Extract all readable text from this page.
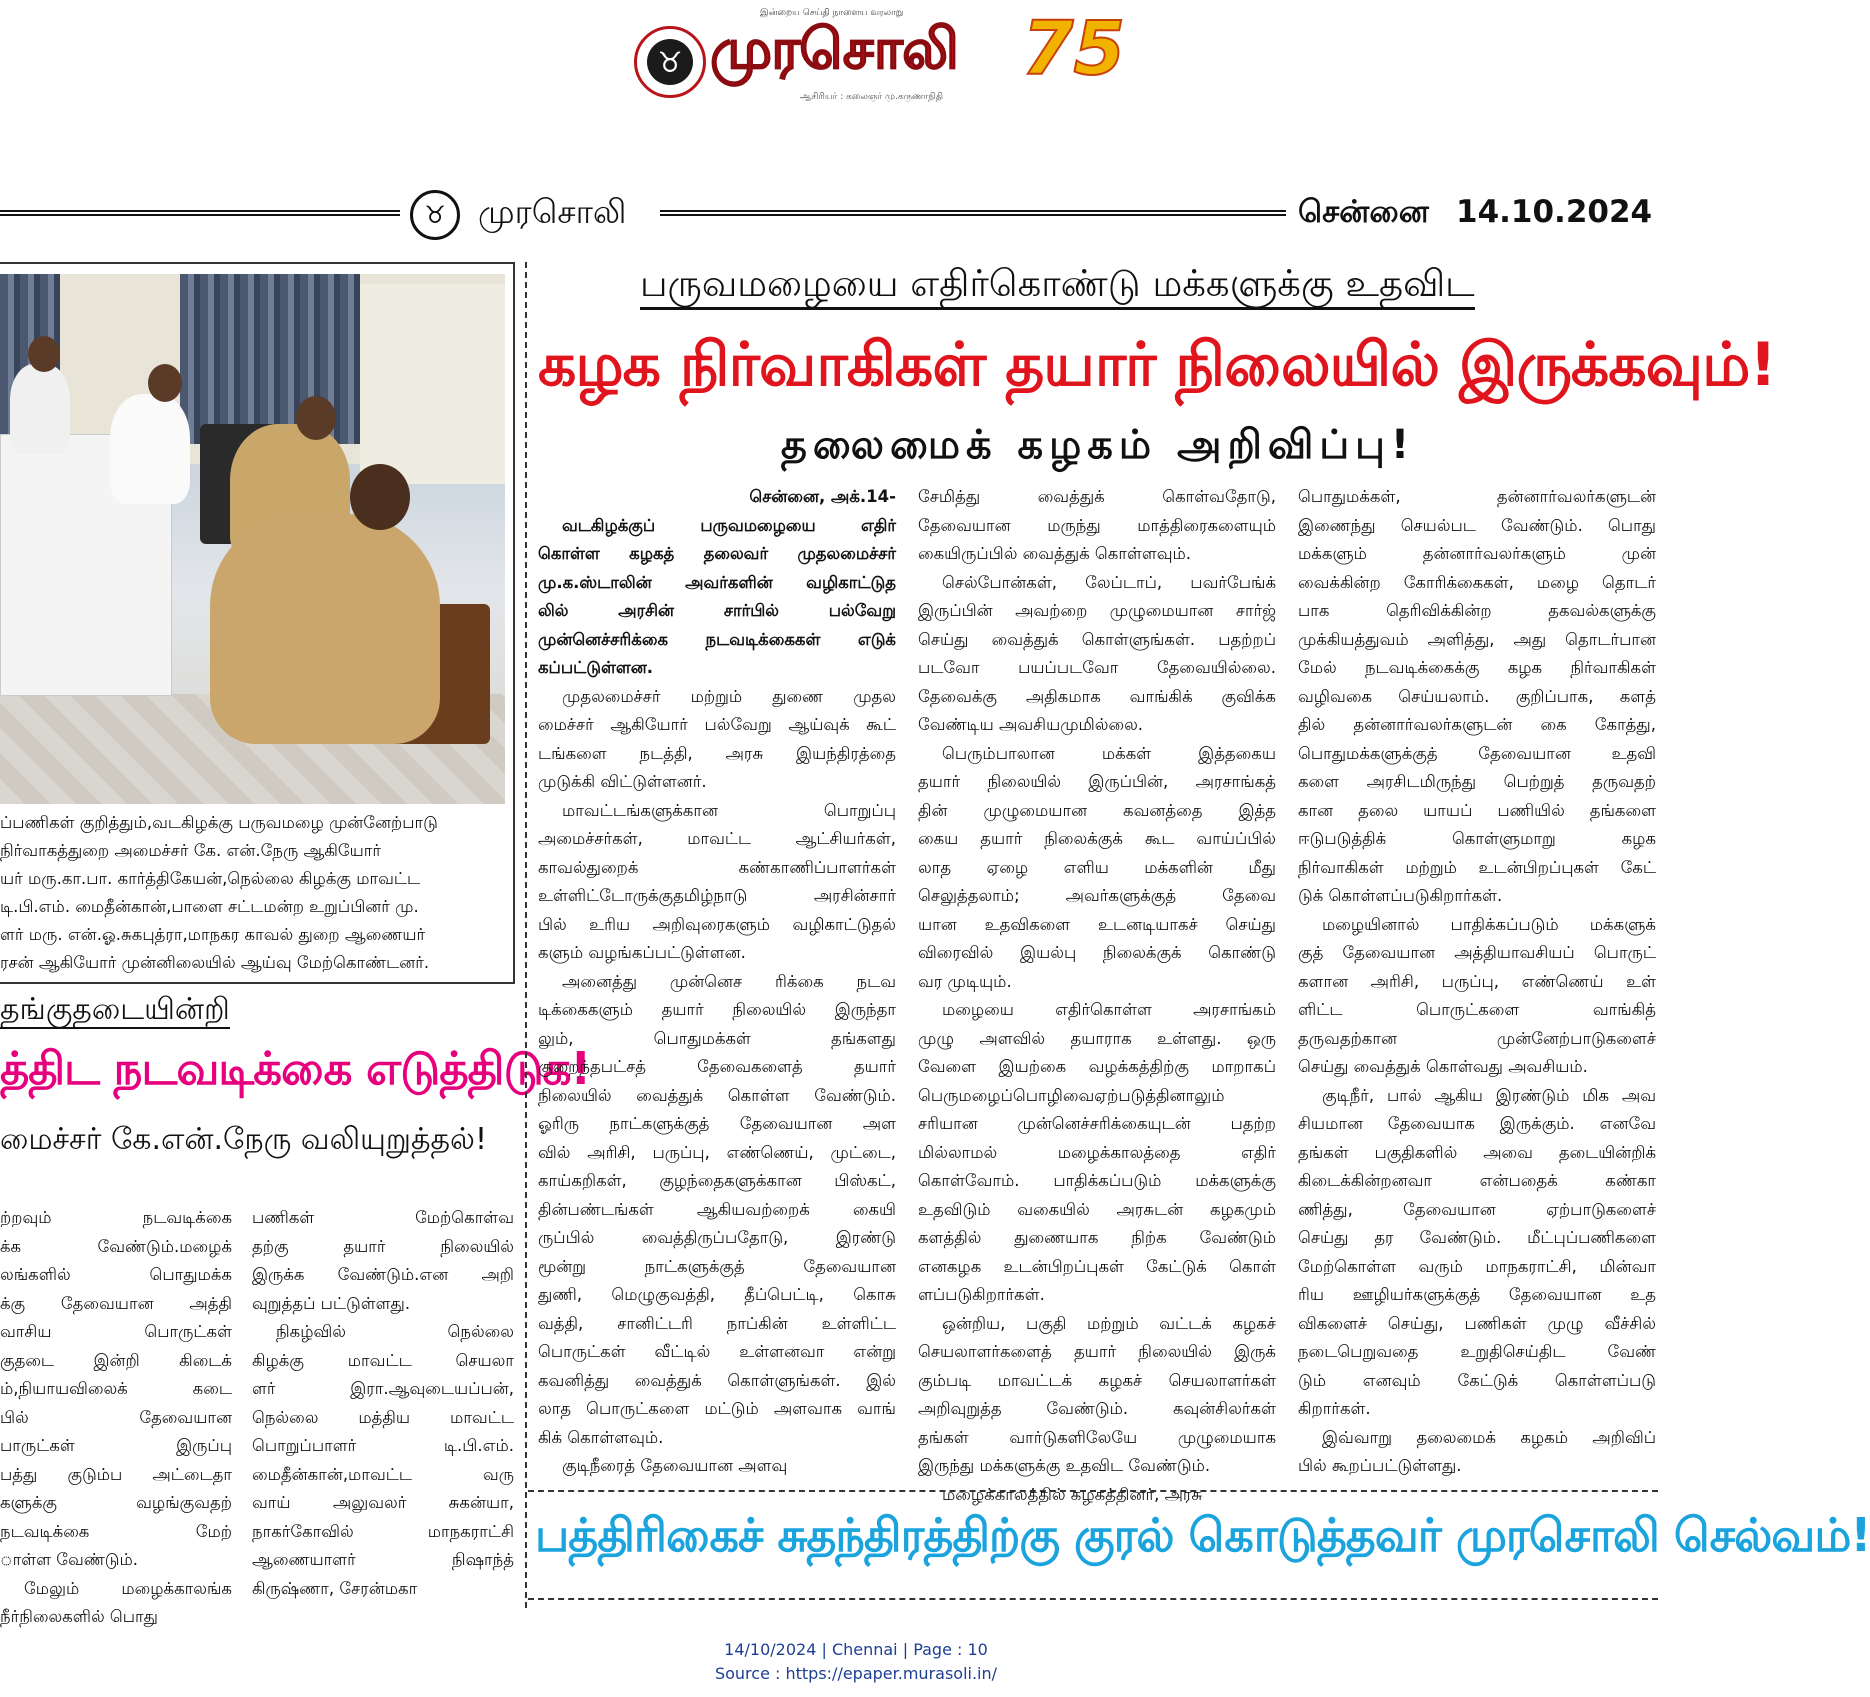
இன்றைய செய்தி நாளைய வரலாறு
♉ முரசொலி
ஆசிரியர் : கலைஞர் மு.கருணாநிதி
75
♉ முரசொலி	சென்னை 14.10.2024
ப்பணிகள் குறித்தும்,வடகிழக்கு பருவமழை முன்னேற்பாடு
நிர்வாகத்துறை அமைச்சர் கே. என்.நேரு ஆகியோர்
யர் மரு.கா.பா. கார்த்திகேயன்,நெல்லை கிழக்கு மாவட்ட
டி.பி.எம். மைதீன்கான்,பாளை சட்டமன்ற உறுப்பினர் மு.
ளர் மரு. என்.ஓ.சுகபுத்ரா,மாநகர காவல் துறை ஆணையர்
ரசன் ஆகியோர் முன்னிலையில் ஆய்வு மேற்கொண்டனர்.
தங்குதடையின்றி
த்திட நடவடிக்கை எடுத்திடுக!
மைச்சர் கே.என்.நேரு வலியுறுத்தல்!

ற்றவும் நடவடிக்கை

க்க வேண்டும்.மழைக்

லங்களில் பொதுமக்க

க்கு தேவையான அத்தி

வாசிய பொருட்கள்

குதடை இன்றி கிடைக்

ம்,நியாயவிலைக் கடை

பில் தேவையான

பாருட்கள் இருப்பு

பத்து குடும்ப அட்டைதா

களுக்கு வழங்குவதற்

நடவடிக்கை மேற்

ாள்ள வேண்டும்.

மேலும் மழைக்காலங்க

நீர்நிலைகளில் பொது

பணிகள் மேற்கொள்வ

தற்கு தயார் நிலையில்

இருக்க வேண்டும்.என அறி

வுறுத்தப் பட்டுள்ளது.

நிகழ்வில் நெல்லை

கிழக்கு மாவட்ட செயலா

ளர் இரா.ஆவுடையப்பன்,

நெல்லை மத்திய மாவட்ட

பொறுப்பாளர் டி.பி.எம்.

மைதீன்கான்,மாவட்ட வரு

வாய் அலுவலர் சுகன்யா,

நாகர்கோவில் மாநகராட்சி

ஆணையாளர் நிஷாந்த்

கிருஷ்ணா, சேரன்மகா

பருவமழையை எதிர்கொண்டு மக்களுக்கு உதவிட
கழக நிர்வாகிகள் தயார் நிலையில் இருக்கவும்!
தலைமைக் கழகம் அறிவிப்பு!

சென்னை, அக்.14-

வடகிழக்குப் பருவமழையை எதிர்

கொள்ள கழகத் தலைவர் முதலமைச்சர்

மு.க.ஸ்டாலின் அவர்களின் வழிகாட்டுத

லில் அரசின் சார்பில் பல்வேறு

முன்னெச்சரிக்கை நடவடிக்கைகள் எடுக்

கப்பட்டுள்ளன.

முதலமைச்சர் மற்றும் துணை முதல

மைச்சர் ஆகியோர் பல்வேறு ஆய்வுக் கூட்

டங்களை நடத்தி, அரசு இயந்திரத்தை

முடுக்கி விட்டுள்ளனர்.

மாவட்டங்களுக்கான பொறுப்பு

அமைச்சர்கள், மாவட்ட ஆட்சியர்கள்,

காவல்துறைக் கண்காணிப்பாளர்கள்

உள்ளிட்டோருக்குதமிழ்நாடு அரசின்சார்

பில் உரிய அறிவுரைகளும் வழிகாட்டுதல்

களும் வழங்கப்பட்டுள்ளன.

அனைத்து முன்னெச ரிக்கை நடவ

டிக்கைகளும் தயார் நிலையில் இருந்தா

லும், பொதுமக்கள் தங்களது

குறைந்தபட்சத் தேவைகளைத் தயார்

நிலையில் வைத்துக் கொள்ள வேண்டும்.

ஓரிரு நாட்களுக்குத் தேவையான அள

வில் அரிசி, பருப்பு, எண்ணெய், முட்டை,

காய்கறிகள், குழந்தைகளுக்கான பிஸ்கட்,

தின்பண்டங்கள் ஆகியவற்றைக் கையி

ருப்பில் வைத்திருப்பதோடு, இரண்டு

மூன்று நாட்களுக்குத் தேவையான

துணி, மெழுகுவத்தி, தீப்பெட்டி, கொசு

வத்தி, சானிட்டரி நாப்கின் உள்ளிட்ட

பொருட்கள் வீட்டில் உள்ளனவா என்று

கவனித்து வைத்துக் கொள்ளுங்கள். இல்

லாத பொருட்களை மட்டும் அளவாக வாங்

கிக் கொள்ளவும்.

குடிநீரைத் தேவையான அளவு

சேமித்து வைத்துக் கொள்வதோடு,

தேவையான மருந்து மாத்திரைகளையும்

கையிருப்பில் வைத்துக் கொள்ளவும்.

செல்போன்கள், லேப்டாப், பவர்பேங்க்

இருப்பின் அவற்றை முழுமையான சார்ஜ்

செய்து வைத்துக் கொள்ளுங்கள். பதற்றப்

படவோ பயப்படவோ தேவையில்லை.

தேவைக்கு அதிகமாக வாங்கிக் குவிக்க

வேண்டிய அவசியமுமில்லை.

பெரும்பாலான மக்கள் இத்தகைய

தயார் நிலையில் இருப்பின், அரசாங்கத்

தின் முழுமையான கவனத்தை இத்த

கைய தயார் நிலைக்குக் கூட வாய்ப்பில்

லாத ஏழை எளிய மக்களின் மீது

செலுத்தலாம்; அவர்களுக்குத் தேவை

யான உதவிகளை உடனடியாகச் செய்து

விரைவில் இயல்பு நிலைக்குக் கொண்டு

வர முடியும்.

மழையை எதிர்கொள்ள அரசாங்கம்

முழு அளவில் தயாராக உள்ளது. ஒரு

வேளை இயற்கை வழக்கத்திற்கு மாறாகப்

பெருமழைப்பொழிவைஏற்படுத்தினாலும்

சரியான முன்னெச்சரிக்கையுடன் பதற்ற

மில்லாமல் மழைக்காலத்தை எதிர்

கொள்வோம். பாதிக்கப்படும் மக்களுக்கு

உதவிடும் வகையில் அரசுடன் கழகமும்

களத்தில் துணையாக நிற்க வேண்டும்

எனகழக உடன்பிறப்புகள் கேட்டுக் கொள்

ளப்படுகிறார்கள்.

ஒன்றிய, பகுதி மற்றும் வட்டக் கழகச்

செயலாளர்களைத் தயார் நிலையில் இருக்

கும்படி மாவட்டக் கழகச் செயலாளர்கள்

அறிவுறுத்த வேண்டும். கவுன்சிலர்கள்

தங்கள் வார்டுகளிலேயே முழுமையாக

இருந்து மக்களுக்கு உதவிட வேண்டும்.

மழைக்காலத்தில் கழகத்தினர், அரசு

பொதுமக்கள், தன்னார்வலர்களுடன்

இணைந்து செயல்பட வேண்டும். பொது

மக்களும் தன்னார்வலர்களும் முன்

வைக்கின்ற கோரிக்கைகள், மழை தொடர்

பாக தெரிவிக்கின்ற தகவல்களுக்கு

முக்கியத்துவம் அளித்து, அது தொடர்பான

மேல் நடவடிக்கைக்கு கழக நிர்வாகிகள்

வழிவகை செய்யலாம். குறிப்பாக, களத்

தில் தன்னார்வலர்களுடன் கை கோத்து,

பொதுமக்களுக்குத் தேவையான உதவி

களை அரசிடமிருந்து பெற்றுத் தருவதற்

கான தலை யாயப் பணியில் தங்களை

ஈடுபடுத்திக் கொள்ளுமாறு கழக

நிர்வாகிகள் மற்றும் உடன்பிறப்புகள் கேட்

டுக் கொள்ளப்படுகிறார்கள்.

மழையினால் பாதிக்கப்படும் மக்களுக்

குத் தேவையான அத்தியாவசியப் பொருட்

களான அரிசி, பருப்பு, எண்ணெய் உள்

ளிட்ட பொருட்களை வாங்கித்

தருவதற்கான முன்னேற்பாடுகளைச்

செய்து வைத்துக் கொள்வது அவசியம்.

குடிநீர், பால் ஆகிய இரண்டும் மிக அவ

சியமான தேவையாக இருக்கும். எனவே

தங்கள் பகுதிகளில் அவை தடையின்றிக்

கிடைக்கின்றனவா என்பதைக் கண்கா

ணித்து, தேவையான ஏற்பாடுகளைச்

செய்து தர வேண்டும். மீட்புப்பணிகளை

மேற்கொள்ள வரும் மாநகராட்சி, மின்வா

ரிய ஊழியர்களுக்குத் தேவையான உத

விகளைச் செய்து, பணிகள் முழு வீச்சில்

நடைபெறுவதை உறுதிசெய்திட வேண்

டும் எனவும் கேட்டுக் கொள்ளப்படு

கிறார்கள்.

இவ்வாறு தலைமைக் கழகம் அறிவிப்

பில் கூறப்பட்டுள்ளது.

பத்திரிகைச் சுதந்திரத்திற்கு குரல் கொடுத்தவர் முரசொலி செல்வம்!
14/10/2024 | Chennai | Page : 10
Source : https://epaper.murasoli.in/
